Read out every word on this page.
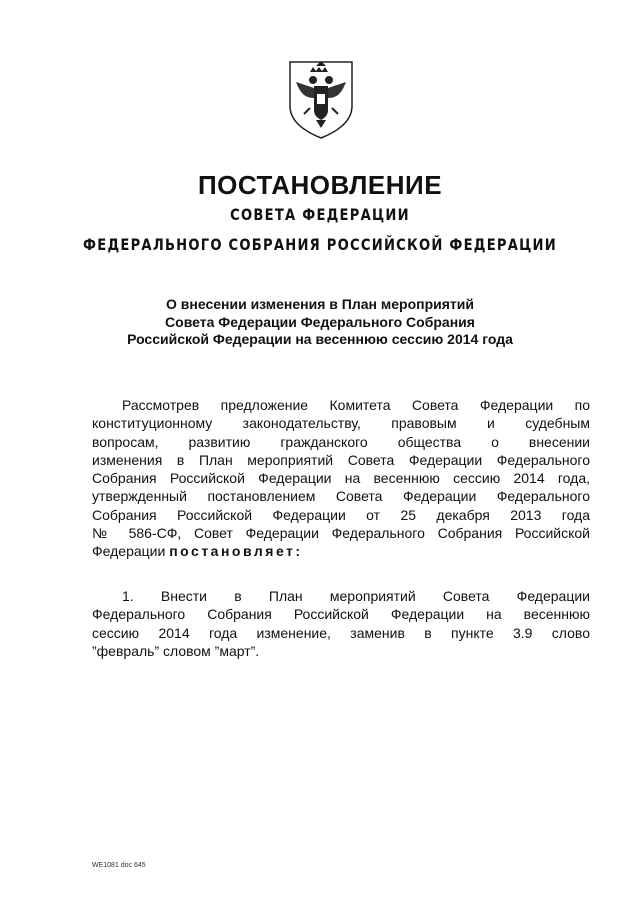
ПОСТАНОВЛЕНИЕ
СОВЕТА ФЕДЕРАЦИИ
ФЕДЕРАЛЬНОГО СОБРАНИЯ РОССИЙСКОЙ ФЕДЕРАЦИИ
О внесении изменения в План мероприятий
Совета Федерации Федерального Собрания
Российской Федерации на весеннюю сессию 2014 года
Рассмотрев предложение Комитета Совета Федерации по
конституционному законодательству, правовым и судебным
вопросам, развитию гражданского общества о внесении
изменения в План мероприятий Совета Федерации Федерального
Собрания Российской Федерации на весеннюю сессию 2014 года,
утвержденный постановлением Совета Федерации Федерального
Собрания Российской Федерации от 25 декабря 2013 года
№ 586-СФ, Совет Федерации Федерального Собрания Российской
Федерации постановляет:
1. Внести в План мероприятий Совета Федерации
Федерального Собрания Российской Федерации на весеннюю
сессию 2014 года изменение, заменив в пункте 3.9 слово
”февраль” словом ”март”.
WE1081 doc 645
